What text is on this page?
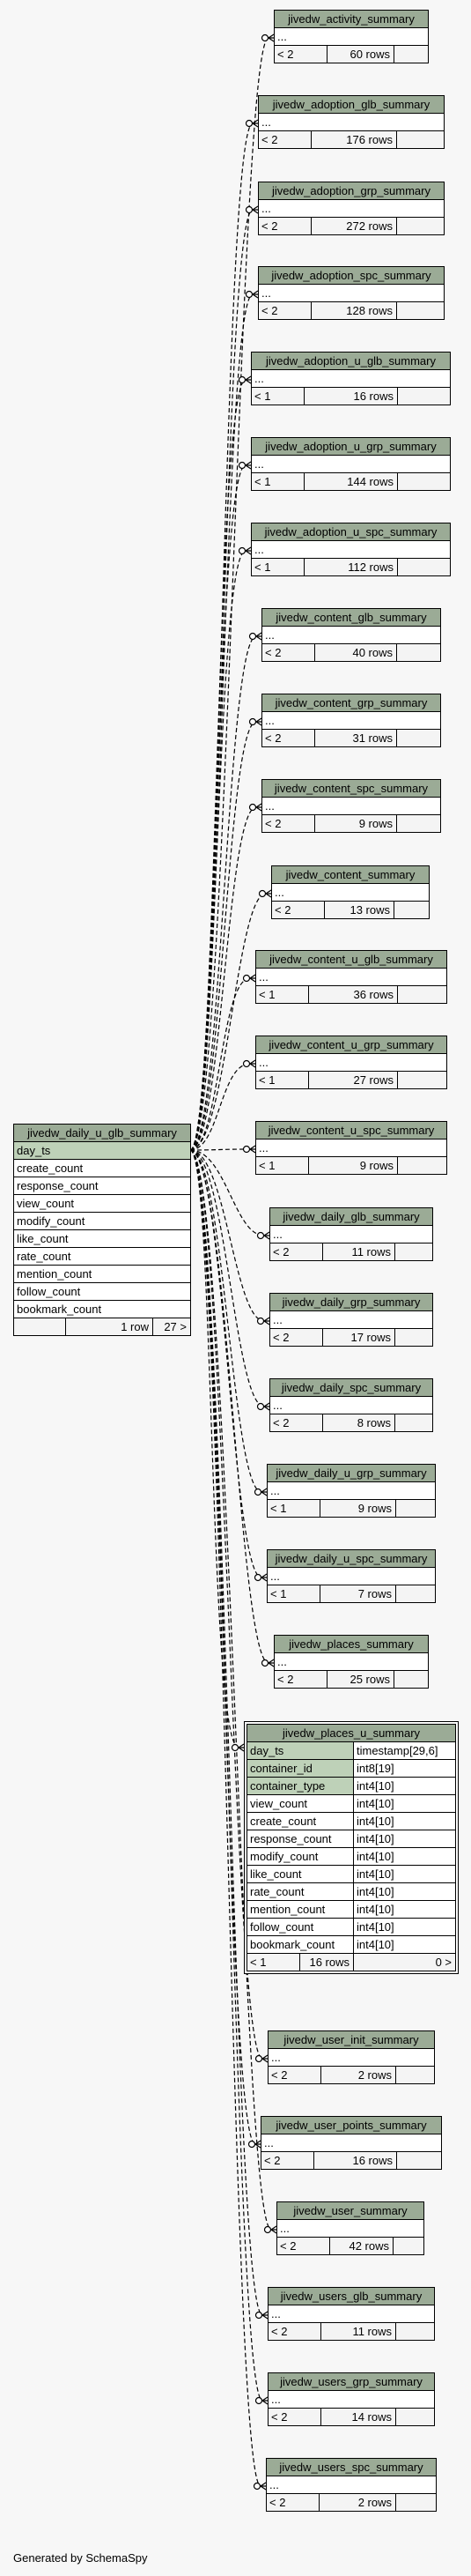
jivedw_daily_u_glb_summary
day_ts
create_count
response_count
view_count
modify_count
like_count
rate_count
mention_count
follow_count
bookmark_count
1 row	27 >
jivedw_activity_summary
...
< 2	60 rows
jivedw_adoption_glb_summary
...
< 2	176 rows
jivedw_adoption_grp_summary
...
< 2	272 rows
jivedw_adoption_spc_summary
...
< 2	128 rows
jivedw_adoption_u_glb_summary
...
< 1	16 rows
jivedw_adoption_u_grp_summary
...
< 1	144 rows
jivedw_adoption_u_spc_summary
...
< 1	112 rows
jivedw_content_glb_summary
...
< 2	40 rows
jivedw_content_grp_summary
...
< 2	31 rows
jivedw_content_spc_summary
...
< 2	9 rows
jivedw_content_summary
...
< 2	13 rows
jivedw_content_u_glb_summary
...
< 1	36 rows
jivedw_content_u_grp_summary
...
< 1	27 rows
jivedw_content_u_spc_summary
...
< 1	9 rows
jivedw_daily_glb_summary
...
< 2	11 rows
jivedw_daily_grp_summary
...
< 2	17 rows
jivedw_daily_spc_summary
...
< 2	8 rows
jivedw_daily_u_grp_summary
...
< 1	9 rows
jivedw_daily_u_spc_summary
...
< 1	7 rows
jivedw_places_summary
...
< 2	25 rows
jivedw_user_init_summary
...
< 2	2 rows
jivedw_user_points_summary
...
< 2	16 rows
jivedw_user_summary
...
< 2	42 rows
jivedw_users_glb_summary
...
< 2	11 rows
jivedw_users_grp_summary
...
< 2	14 rows
jivedw_users_spc_summary
...
< 2	2 rows
jivedw_places_u_summary
day_ts	timestamp[29,6]
container_id	int8[19]
container_type	int4[10]
view_count	int4[10]
create_count	int4[10]
response_count	int4[10]
modify_count	int4[10]
like_count	int4[10]
rate_count	int4[10]
mention_count	int4[10]
follow_count	int4[10]
bookmark_count	int4[10]
< 1	16 rows	0 >
Generated by SchemaSpy
